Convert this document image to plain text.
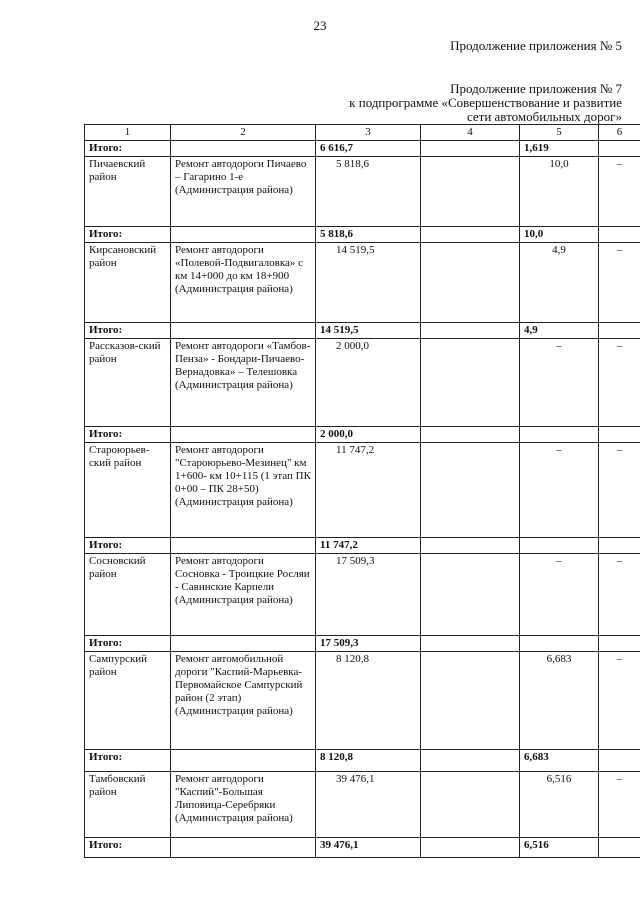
23
Продолжение приложения № 5
Продолжение приложения № 7
к подпрограмме «Совершенствование и развитие
сети автомобильных дорог»
1	2	3	4	5	6
Итого:		6 616,7		1,619	
Пичаевский район	Ремонт автодороги Пичаево – Гагарино 1-е (Администрация района)	5 818,6		10,0	–
Итого:		5 818,6		10,0	
Кирсановский район	Ремонт автодороги «Полевой-Подвигаловка» с км 14+000 до км 18+900 (Администрация района)	14 519,5		4,9	–
Итого:		14 519,5		4,9	
Рассказов-ский район	Ремонт автодороги «Тамбов-Пенза» - Бондари-Пичаево-Вернадовка» – Телешовка (Администрация района)	2 000,0		–	–
Итого:		2 000,0			
Староюрьев-ский район	Ремонт автодороги "Староюрьево-Мезинец" км 1+600- км 10+115 (1 этап ПК 0+00 – ПК 28+50) (Администрация района)	11 747,2		–	–
Итого:		11 747,2			
Сосновский район	Ремонт автодороги Сосновка - Троицкие Росляи - Савинские Карпели (Администрация района)	17 509,3		–	–
Итого:		17 509,3			
Сампурский район	Ремонт автомобильной дороги "Каспий-Марьевка-Первомайское Сампурский район (2 этап) (Администрация района)	8 120,8		6,683	–
Итого:		8 120,8		6,683	
Тамбовский район	Ремонт автодороги "Каспий"-Большая Липовица-Серебряки (Администрация района)	39 476,1		6,516	–
Итого:		39 476,1		6,516	
